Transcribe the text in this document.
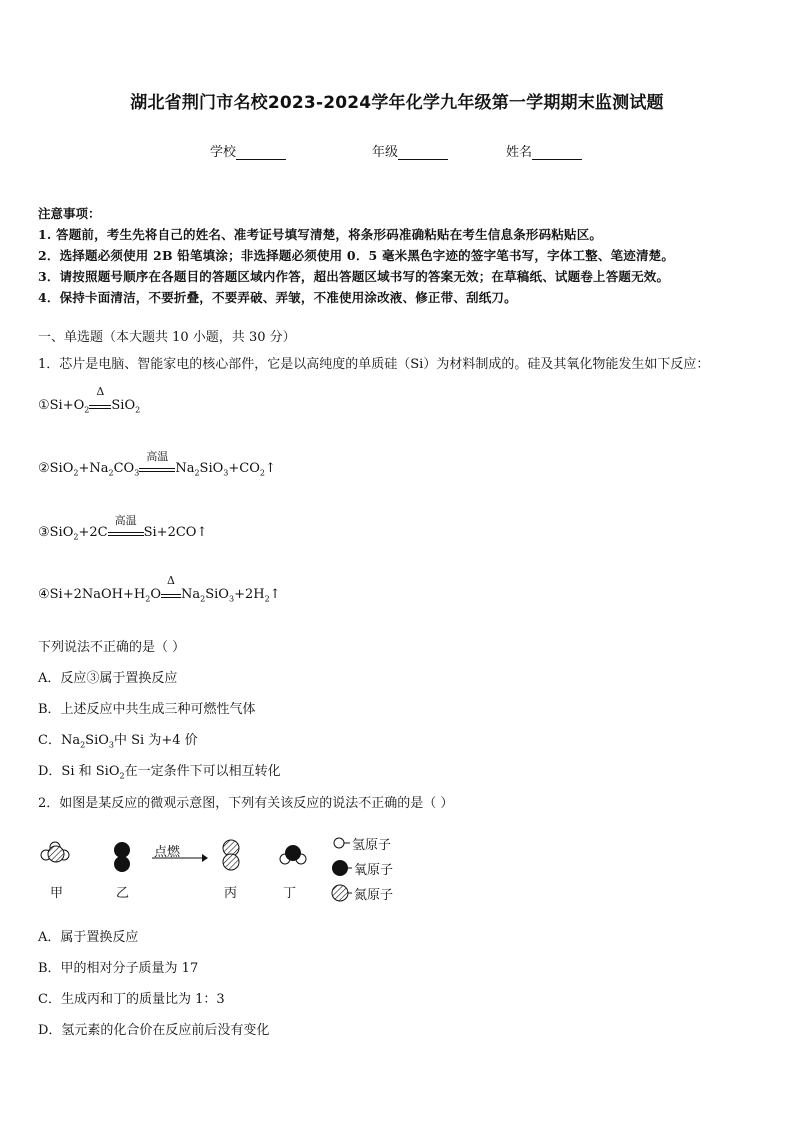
湖北省荆门市名校2023-2024学年化学九年级第一学期期末监测试题
学校	年级	姓名
注意事项：
1. 答题前，考生先将自己的姓名、准考证号填写清楚，将条形码准确粘贴在考生信息条形码粘贴区。
2．选择题必须使用 2B 铅笔填涂；非选择题必须使用 0．5 毫米黑色字迹的签字笔书写，字体工整、笔迹清楚。
3．请按照题号顺序在各题目的答题区域内作答，超出答题区域书写的答案无效；在草稿纸、试题卷上答题无效。
4．保持卡面清洁，不要折叠，不要弄破、弄皱，不准使用涂改液、修正带、刮纸刀。
一、单选题（本大题共 10 小题，共 30 分）
1．芯片是电脑、智能家电的核心部件，它是以高纯度的单质硅（Si）为材料制成的。硅及其氧化物能发生如下反应：
$①Si+O_2$
Δ
SiO$_2$
$②SiO_2+Na_2CO_3$
高温
$Na_2SiO_3+CO_2↑$
③SiO$_2$+2C
高温
Si+2CO↑
$④Si+2NaOH+H_2O$
Δ
$Na_2SiO_3+2H_2↑$
下列说法不正确的是（ ）
A．反应③属于置换反应
B．上述反应中共生成三种可燃性气体
C．$Na_2SiO_3$中 Si 为+4 价
D．Si 和 SiO$_2$在一定条件下可以相互转化
2．如图是某反应的微观示意图，下列有关该反应的说法不正确的是（ ）
甲	乙	丙	丁
点燃	氢原子
氧原子
氮原子
A．属于置换反应
B．甲的相对分子质量为 17
C．生成丙和丁的质量比为 1：3
D．氢元素的化合价在反应前后没有变化
